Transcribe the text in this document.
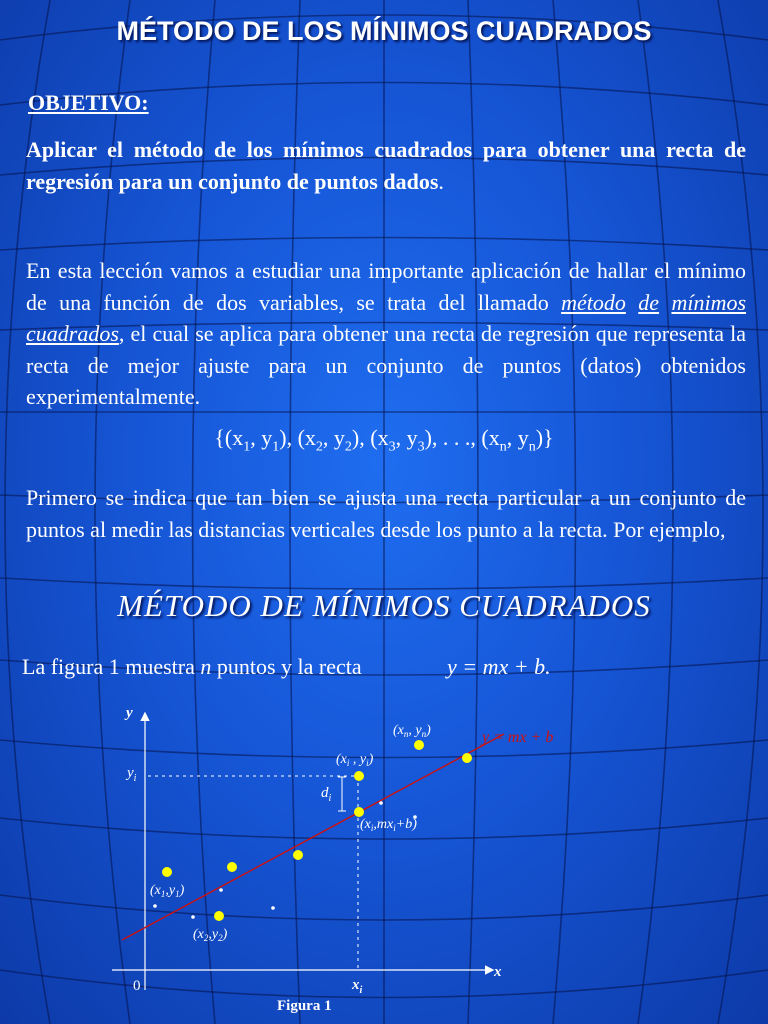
MÉTODO DE LOS MÍNIMOS CUADRADOS
OBJETIVO:
Aplicar el método de los mínimos cuadrados para obtener una recta de regresión para un conjunto de puntos dados.
En esta lección vamos a estudiar una importante aplicación de hallar el mínimo de una función de dos variables, se trata del llamado método de mínimos cuadrados, el cual se aplica para obtener una recta de regresión que representa la recta de mejor ajuste para un conjunto de puntos (datos) obtenidos experimentalmente.
{($x_1$, $y_1$), ($x_2$, $y_2$), ($x_3$, $y_3$), . . ., ($x_n$, $y_n$)}
Primero se indica que tan bien se ajusta una recta particular a un conjunto de puntos al medir las distancias verticales desde los punto a la recta. Por ejemplo,
MÉTODO DE MÍNIMOS CUADRADOS
La figura 1 muestra n puntos y la recta	y = mx + b.
y
x
0
y = mx + b
$y_i$
$x_i$
$d_i$
($x_n$, $y_n$)
($x_i$ , $y_i$)
$(x_i,mx_i+b)$
$(x_1,y_1)$
$(x_2,y_2)$
Figura 1
